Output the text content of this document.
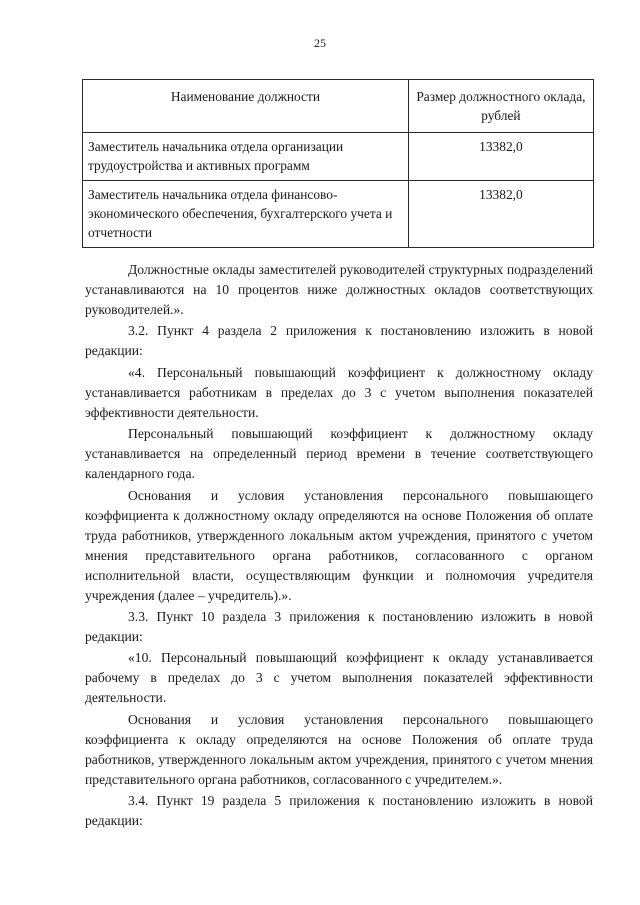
25
Наименование должности	Размер должностного оклада, рублей
Заместитель начальника отдела организации трудоустройства и активных программ	13382,0
Заместитель начальника отдела финансово-экономического обеспечения, бухгалтерского учета и отчетности	13382,0

Должностные оклады заместителей руководителей структурных подразделений устанавливаются на 10 процентов ниже должностных окладов соответствующих руководителей.».

3.2. Пункт 4 раздела 2 приложения к постановлению изложить в новой редакции:

«4. Персональный повышающий коэффициент к должностному окладу устанавливается работникам в пределах до 3 с учетом выполнения показателей эффективности деятельности.

Персональный повышающий коэффициент к должностному окладу устанавливается на определенный период времени в течение соответствующего календарного года.

Основания и условия установления персонального повышающего коэффициента к должностному окладу определяются на основе Положения об оплате труда работников, утвержденного локальным актом учреждения, принятого с учетом мнения представительного органа работников, согласованного с органом исполнительной власти, осуществляющим функции и полномочия учредителя учреждения (далее – учредитель).».

3.3. Пункт 10 раздела 3 приложения к постановлению изложить в новой редакции:

«10. Персональный повышающий коэффициент к окладу устанавливается рабочему в пределах до 3 с учетом выполнения показателей эффективности деятельности.

Основания и условия установления персонального повышающего коэффициента к окладу определяются на основе Положения об оплате труда работников, утвержденного локальным актом учреждения, принятого с учетом мнения представительного органа работников, согласованного с учредителем.».

3.4. Пункт 19 раздела 5 приложения к постановлению изложить в новой редакции:
